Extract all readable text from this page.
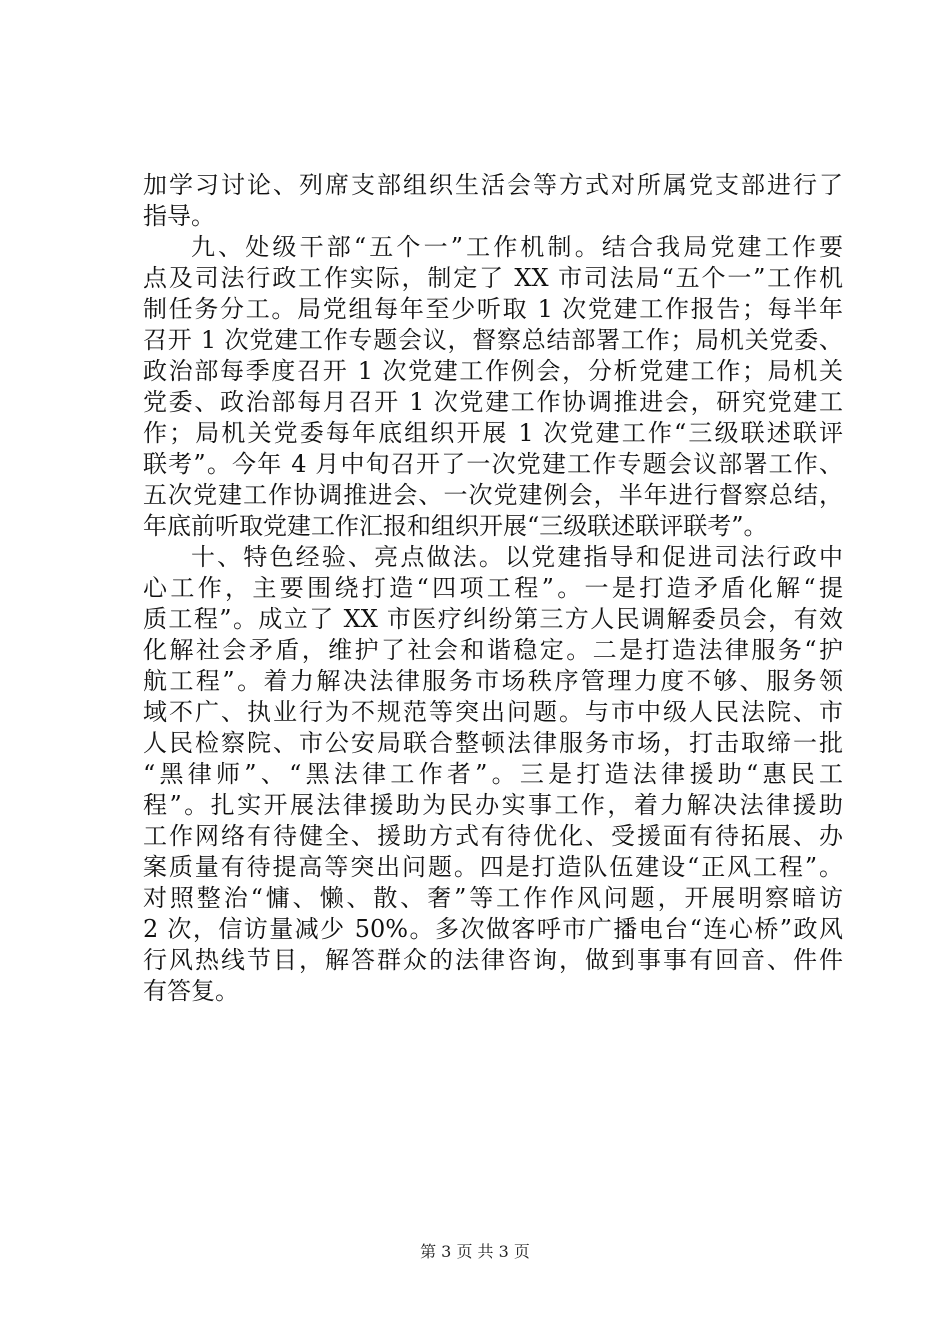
加学习讨论、列席支部组织生活会等方式对所属党支部进行了
指导。
九、处级干部“五个一”工作机制。结合我局党建工作要
点及司法行政工作实际，制定了 XX 市司法局“五个一”工作机
制任务分工。局党组每年至少听取 1 次党建工作报告；每半年
召开 1 次党建工作专题会议，督察总结部署工作；局机关党委、
政治部每季度召开 1 次党建工作例会，分析党建工作；局机关
党委、政治部每月召开 1 次党建工作协调推进会，研究党建工
作；局机关党委每年底组织开展 1 次党建工作“三级联述联评
联考”。今年 4 月中旬召开了一次党建工作专题会议部署工作、
五次党建工作协调推进会、一次党建例会，半年进行督察总结，
年底前听取党建工作汇报和组织开展“三级联述联评联考”。
十、特色经验、亮点做法。以党建指导和促进司法行政中
心工作，主要围绕打造“四项工程”。一是打造矛盾化解“提
质工程”。成立了 XX 市医疗纠纷第三方人民调解委员会，有效
化解社会矛盾，维护了社会和谐稳定。二是打造法律服务“护
航工程”。着力解决法律服务市场秩序管理力度不够、服务领
域不广、执业行为不规范等突出问题。与市中级人民法院、市
人民检察院、市公安局联合整顿法律服务市场，打击取缔一批
“黑律师”、“黑法律工作者”。三是打造法律援助“惠民工
程”。扎实开展法律援助为民办实事工作，着力解决法律援助
工作网络有待健全、援助方式有待优化、受援面有待拓展、办
案质量有待提高等突出问题。四是打造队伍建设“正风工程”。
对照整治“慵、懒、散、奢”等工作作风问题，开展明察暗访
2 次，信访量减少 50%。多次做客呼市广播电台“连心桥”政风
行风热线节目，解答群众的法律咨询，做到事事有回音、件件
有答复。
第 3 页 共 3 页
